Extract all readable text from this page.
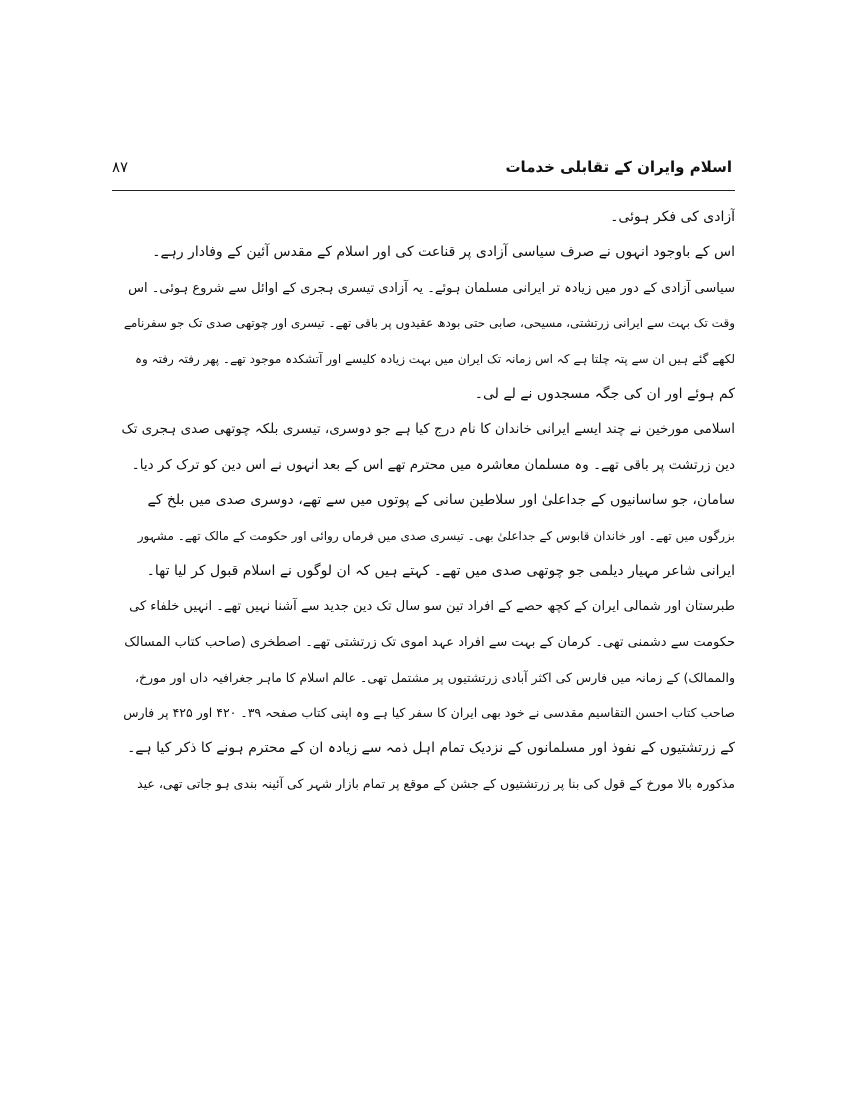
اسلام وایران کے تقابلی خدمات
۸۷
آزادی کی فکر ہوئی۔
اس کے باوجود انہوں نے صرف سیاسی آزادی پر قناعت کی اور اسلام کے مقدس آئین کے وفادار رہے۔
سیاسی آزادی کے دور میں زیادہ تر ایرانی مسلمان ہوئے۔ یہ آزادی تیسری ہجری کے اوائل سے شروع ہوئی۔ اس
وقت تک بہت سے ایرانی زرتشتی، مسیحی، صابی حتی بودھ عقیدوں پر باقی تھے۔ تیسری اور چوتھی صدی تک جو سفرنامے
لکھے گئے ہیں ان سے پتہ چلتا ہے کہ اس زمانہ تک ایران میں بہت زیادہ کلیسے اور آتشکدہ موجود تھے۔ پھر رفتہ رفتہ وہ
کم ہوئے اور ان کی جگہ مسجدوں نے لے لی۔
اسلامی مورخین نے چند ایسے ایرانی خاندان کا نام درج کیا ہے جو دوسری، تیسری بلکہ چوتھی صدی ہجری تک
دین زرتشت پر باقی تھے۔ وہ مسلمان معاشرہ میں محترم تھے اس کے بعد انہوں نے اس دین کو ترک کر دیا۔
سامان، جو ساسانیوں کے جداعلیٰ اور سلاطین سانی کے پوتوں میں سے تھے، دوسری صدی میں بلخ کے
بزرگوں میں تھے۔ اور خاندان قابوس کے جداعلیٰ بھی۔ تیسری صدی میں فرماں روائی اور حکومت کے مالک تھے۔ مشہور
ایرانی شاعر مہیار دیلمی جو چوتھی صدی میں تھے۔ کہتے ہیں کہ ان لوگوں نے اسلام قبول کر لیا تھا۔
طبرستان اور شمالی ایران کے کچھ حصے کے افراد تین سو سال تک دین جدید سے آشنا نہیں تھے۔ انہیں خلفاء کی
حکومت سے دشمنی تھی۔ کرمان کے بہت سے افراد عہد اموی تک زرتشتی تھے۔ اصطخری (صاحب کتاب المسالک
والممالک) کے زمانہ میں فارس کی اکثر آبادی زرتشتیوں پر مشتمل تھی۔ عالم اسلام کا ماہر جغرافیہ داں اور مورخ،
صاحب کتاب احسن التقاسیم مقدسی نے خود بھی ایران کا سفر کیا ہے وہ اپنی کتاب صفحہ ۳۹۔ ۴۲۰ اور ۴۲۵ پر فارس
کے زرتشتیوں کے نفوذ اور مسلمانوں کے نزدیک تمام اہل ذمہ سے زیادہ ان کے محترم ہونے کا ذکر کیا ہے۔
مذکورہ بالا مورخ کے قول کی بنا پر زرتشتیوں کے جشن کے موقع پر تمام بازار شہر کی آئینہ بندی ہو جاتی تھی، عید
